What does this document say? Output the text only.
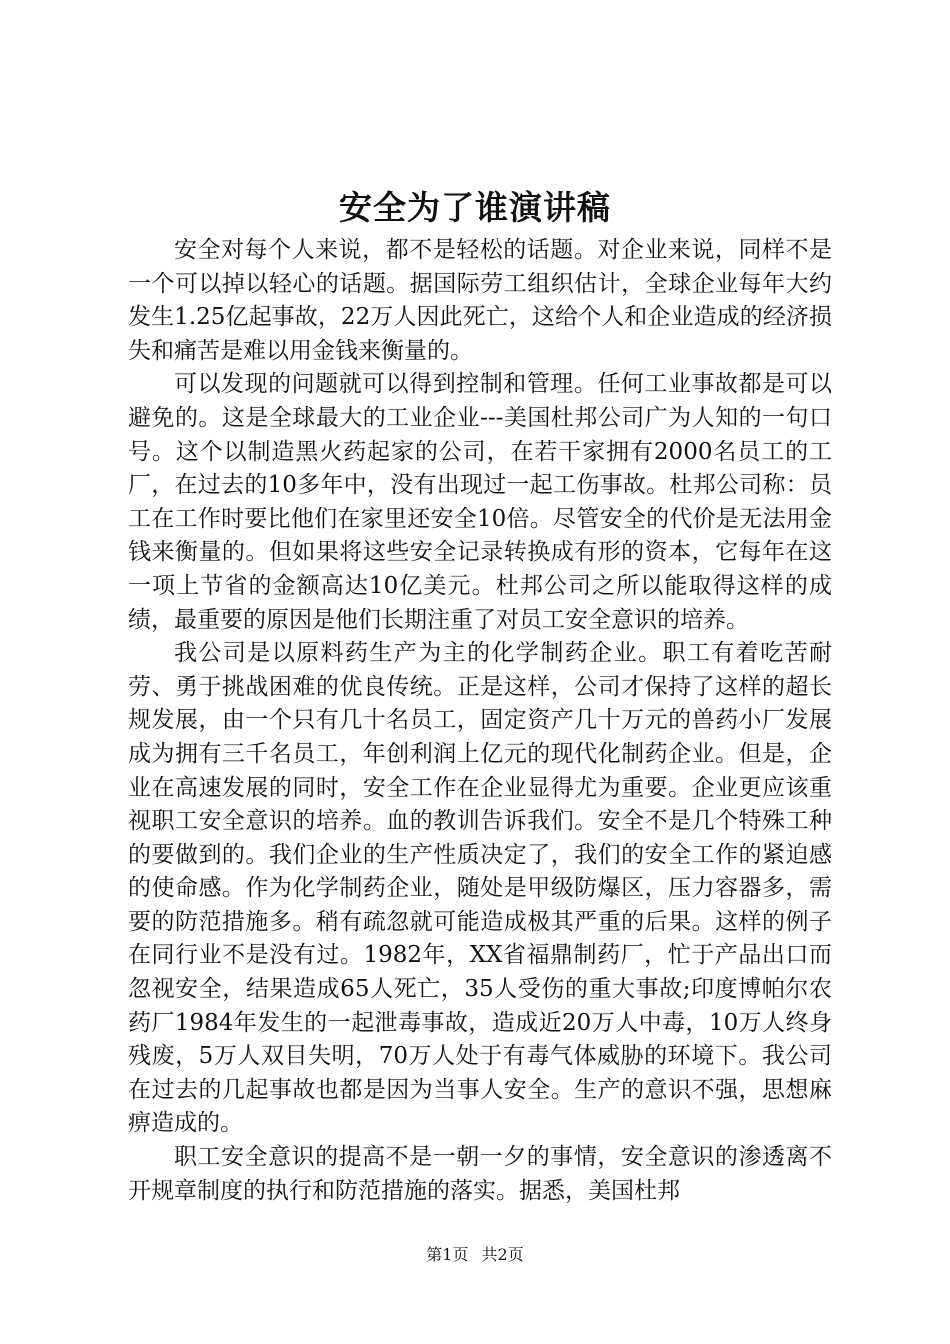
安全为了谁演讲稿

安全对每个人来说，都不是轻松的话题。对企业来说，同样不是一个可以掉以轻心的话题。据国际劳工组织估计，全球企业每年大约发生1.25亿起事故，22万人因此死亡，这给个人和企业造成的经济损失和痛苦是难以用金钱来衡量的。

可以发现的问题就可以得到控制和管理。任何工业事故都是可以避免的。这是全球最大的工业企业---美国杜邦公司广为人知的一句口号。这个以制造黑火药起家的公司，在若干家拥有2000名员工的工厂，在过去的10多年中，没有出现过一起工伤事故。杜邦公司称：员工在工作时要比他们在家里还安全10倍。尽管安全的代价是无法用金钱来衡量的。但如果将这些安全记录转换成有形的资本，它每年在这一项上节省的金额高达10亿美元。杜邦公司之所以能取得这样的成绩，最重要的原因是他们长期注重了对员工安全意识的培养。

我公司是以原料药生产为主的化学制药企业。职工有着吃苦耐劳、勇于挑战困难的优良传统。正是这样，公司才保持了这样的超长规发展，由一个只有几十名员工，固定资产几十万元的兽药小厂发展成为拥有三千名员工，年创利润上亿元的现代化制药企业。但是，企业在高速发展的同时，安全工作在企业显得尤为重要。企业更应该重视职工安全意识的培养。血的教训告诉我们。安全不是几个特殊工种的要做到的。我们企业的生产性质决定了，我们的安全工作的紧迫感的使命感。作为化学制药企业，随处是甲级防爆区，压力容器多，需要的防范措施多。稍有疏忽就可能造成极其严重的后果。这样的例子在同行业不是没有过。1982年，XX省福鼎制药厂，忙于产品出口而忽视安全，结果造成65人死亡，35人受伤的重大事故;印度博帕尔农药厂1984年发生的一起泄毒事故，造成近20万人中毒，10万人终身残废，5万人双目失明，70万人处于有毒气体威胁的环境下。我公司在过去的几起事故也都是因为当事人安全。生产的意识不强，思想麻痹造成的。

职工安全意识的提高不是一朝一夕的事情，安全意识的渗透离不开规章制度的执行和防范措施的落实。据悉，美国杜邦

第1页 共2页
